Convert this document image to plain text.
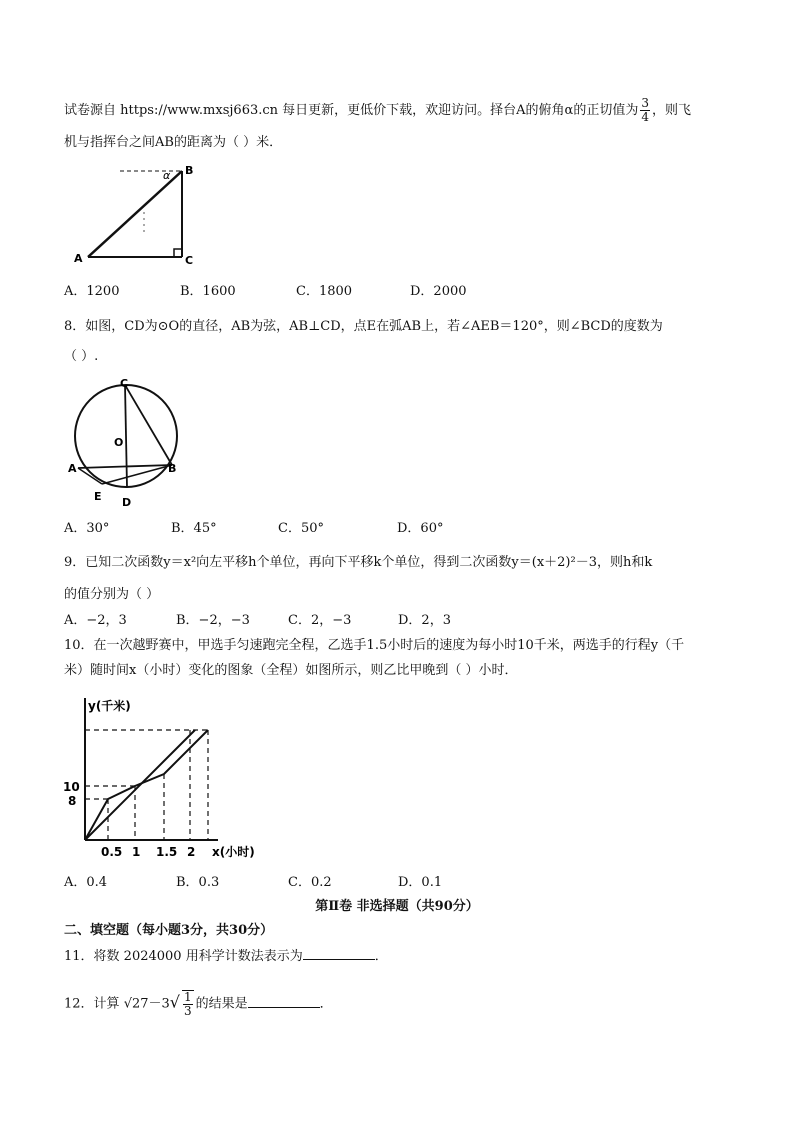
试卷源自 https://www.mxsj663.cn 每日更新，更低价下载，欢迎访问。择台A的俯角α的正切值为 $\frac{3}{4}$ ，则飞
机与指挥台之间AB的距离为（ ）米．
α B
A	C
A．1200	B．1600	C．1800	D．2000
8．如图，CD为⊙O的直径，AB为弦，AB⊥CD，点E在弧AB上，若∠AEB＝120°，则∠BCD的度数为
（ ）.
C
O
A	B
E D
A．30°	B．45°	C．50°	D．60°
9．已知二次函数y＝x²向左平移h个单位，再向下平移k个单位，得到二次函数y＝(x＋2)²－3，则h和k
的值分别为（ ）
A．−2，3	B．−2，−3	C．2，−3	D．2，3
10．在一次越野赛中，甲选手匀速跑完全程，乙选手1.5小时后的速度为每小时10千米，两选手的行程y（千
米）随时间x（小时）变化的图象（全程）如图所示，则乙比甲晚到（ ）小时．
y(千米)
10
8
0.5 1 1.5 2 x(小时)
A．0.4	B．0.3	C．0.2	D．0.1
第Ⅱ卷 非选择题（共90分）
二、填空题（每小题3分，共30分）
11．将数 2024000 用科学计数法表示为	．
12．计算 $√27-3√ \frac{1}{3}$ 的结果是	．
